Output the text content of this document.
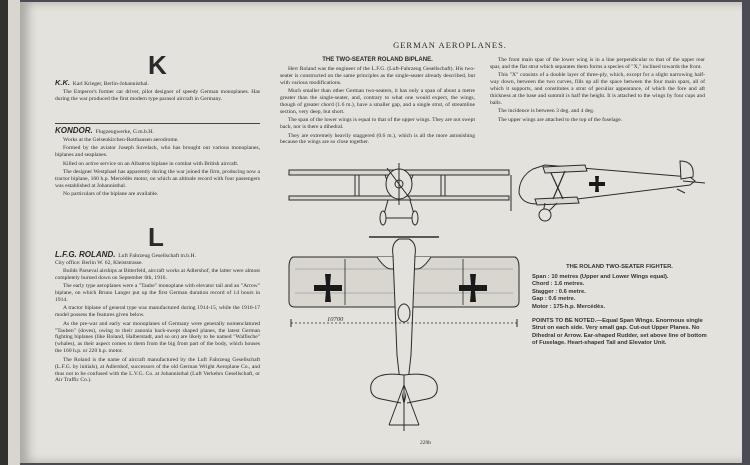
K
K.K. Karl Krieger, Berlin-Johannisthal.

The Emperor's former car driver, pilot designer of speedy German monoplanes. Has during the war produced the first modern type parasol aircraft in Germany.

KONDOR. Flugzeugwerke, G.m.b.H.

Works at the Gelsenkirchen-Rotthausen aerodrome.

Formed by the aviator Joseph Suvelack, who has brought out various monoplanes, biplanes and seaplanes.

Killed on active service on an Albatros biplane in combat with British aircraft.

The designer Westphael has apparently during the war joined the firm, producing now a tractor biplane, 160 h.p. Mercédès motor, on which an altitude record with four passengers was established at Johannisthal.

No particulars of the biplane are available.

L
L.F.G. ROLAND. Luft Fahrzeug Gesellschaft m.b.H.
City office: Berlin W. 62, Kleiststrasse.

Builds Parseval airships at Bitterfeld, aircraft works at Adlershof, the latter were almost completely burned down on September 6th, 1916.

The early type aeroplanes were a "Taube" monoplane with elevator tail and an "Arrow" biplane, on which Bruno Langer put up the first German duration record of 14 hours in 1914.

A tractor biplane of general type was manufactured during 1914-15, while the 1916-17 model possess the features given below.

As the pre-war and early war monoplanes of Germany were generally nomenclatured "Tauben" (doves), owing to their zanonia back-swept shaped planes, the latest German fighting biplanes (like Roland, Halberstadt, and so on) are likely to be named "Walfische" (whales), as their aspect comes to them from the big front part of the body, which houses the 160 h.p. or 220 h.p. motor.

The Roland is the name of aircraft manufactured by the Luft Fahrzeug Gesellschaft (L.F.G. by initials), at Adlershof, successors of the old German Wright Aeroplane Co., and thus not to be confused with the L.V.G. Co. at Johannisthal (Luft Verkehrs Gesellschaft, or Air Traffic Co.).

GERMAN AEROPLANES.
THE TWO-SEATER ROLAND BIPLANE.

Herr Roland was the engineer of the L.F.G. (Luft-Fahrzeug Gesellschaft). His two-seater is constructed on the same principles as the single-seater already described, but with various modifications.

Much smaller than other German two-seaters, it has only a span of about a metre greater than the single-seater, and, contrary to what one would expect, the wings, though of greater chord (1.6 m.), have a smaller gap, and a single strut, of streamline section, very deep, but short.

The span of the lower wings is equal to that of the upper wings. They are not swept back, nor is there a dihedral.

They are extremely heavily staggered (0.6 m.), which is all the more astonishing because the wings are so close together.

The front main spar of the lower wing is in a line perpendicular to that of the upper rear spar, and the flat strut which separates them forms a species of "X," inclined towards the front.

This "X" consists of a double layer of three-ply, which, except for a slight narrowing half-way down, between the two curves, fills up all the space between the four main spars, all of which it supports, and constitutes a strut of peculiar appearance, of which the fore and aft thickness at the base and summit is half the height. It is attached to the wings by four cups and balls.

The incidence is between 3 deg. and 4 deg.

The upper wings are attached to the top of the fuselage.

10700
THE ROLAND TWO-SEATER FIGHTER.
Span : 10 metres (Upper and Lower Wings equal).
Chord : 1.6 metres.
Stagger : 0.6 metre.
Gap : 0.6 metre.
Motor : 175-h.p. Mercédès.
POINTS TO BE NOTED.—Equal Span Wings. Enormous single Strut on each side. Very small gap. Cut-out Upper Planes. No Dihedral or Arrow. Ear-shaped Rudder, set above line of bottom of Fuselage. Heart-shaped Tail and Elevator Unit.
229b
